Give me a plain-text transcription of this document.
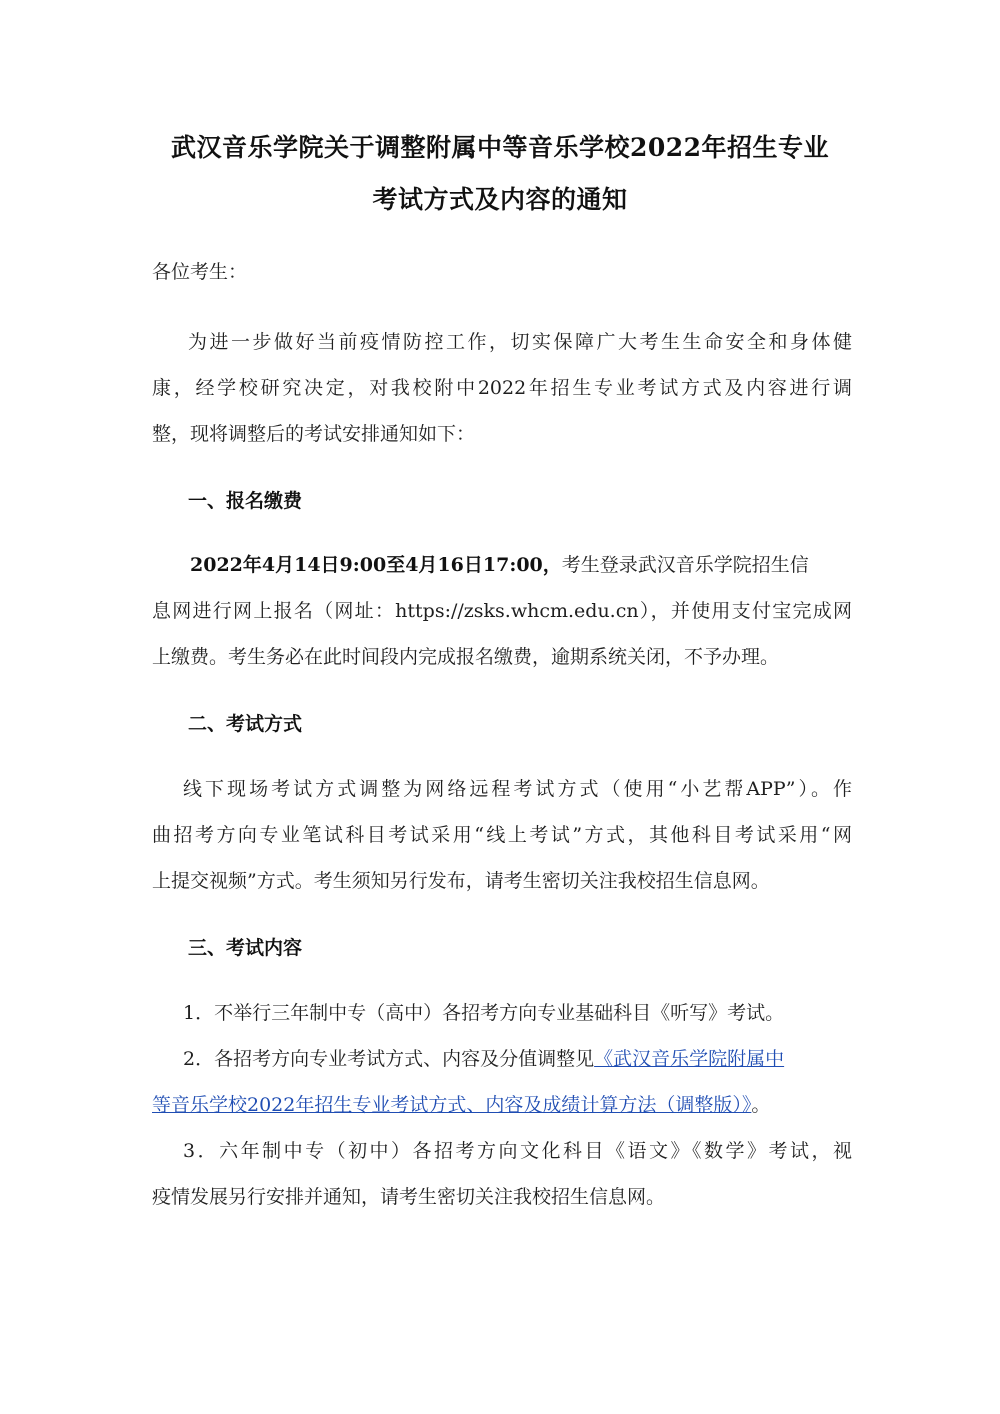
武汉音乐学院关于调整附属中等音乐学校2022年招生专业
考试方式及内容的通知
各位考生：
为进一步做好当前疫情防控工作，切实保障广大考生生命安全和身体健
康，经学校研究决定，对我校附中2022年招生专业考试方式及内容进行调
整，现将调整后的考试安排通知如下：
一、报名缴费
2022年4月14日9:00至4月16日17:00，考生登录武汉音乐学院招生信
息网进行网上报名（网址：https://zsks.whcm.edu.cn），并使用支付宝完成网
上缴费。考生务必在此时间段内完成报名缴费，逾期系统关闭，不予办理。
二、考试方式
线下现场考试方式调整为网络远程考试方式（使用“小艺帮APP”）。作
曲招考方向专业笔试科目考试采用“线上考试”方式，其他科目考试采用“网
上提交视频”方式。考生须知另行发布，请考生密切关注我校招生信息网。
三、考试内容
1．不举行三年制中专（高中）各招考方向专业基础科目《听写》考试。
2．各招考方向专业考试方式、内容及分值调整见《武汉音乐学院附属中
等音乐学校2022年招生专业考试方式、内容及成绩计算方法（调整版）》。
3．六年制中专（初中）各招考方向文化科目《语文》《数学》考试，视
疫情发展另行安排并通知，请考生密切关注我校招生信息网。
